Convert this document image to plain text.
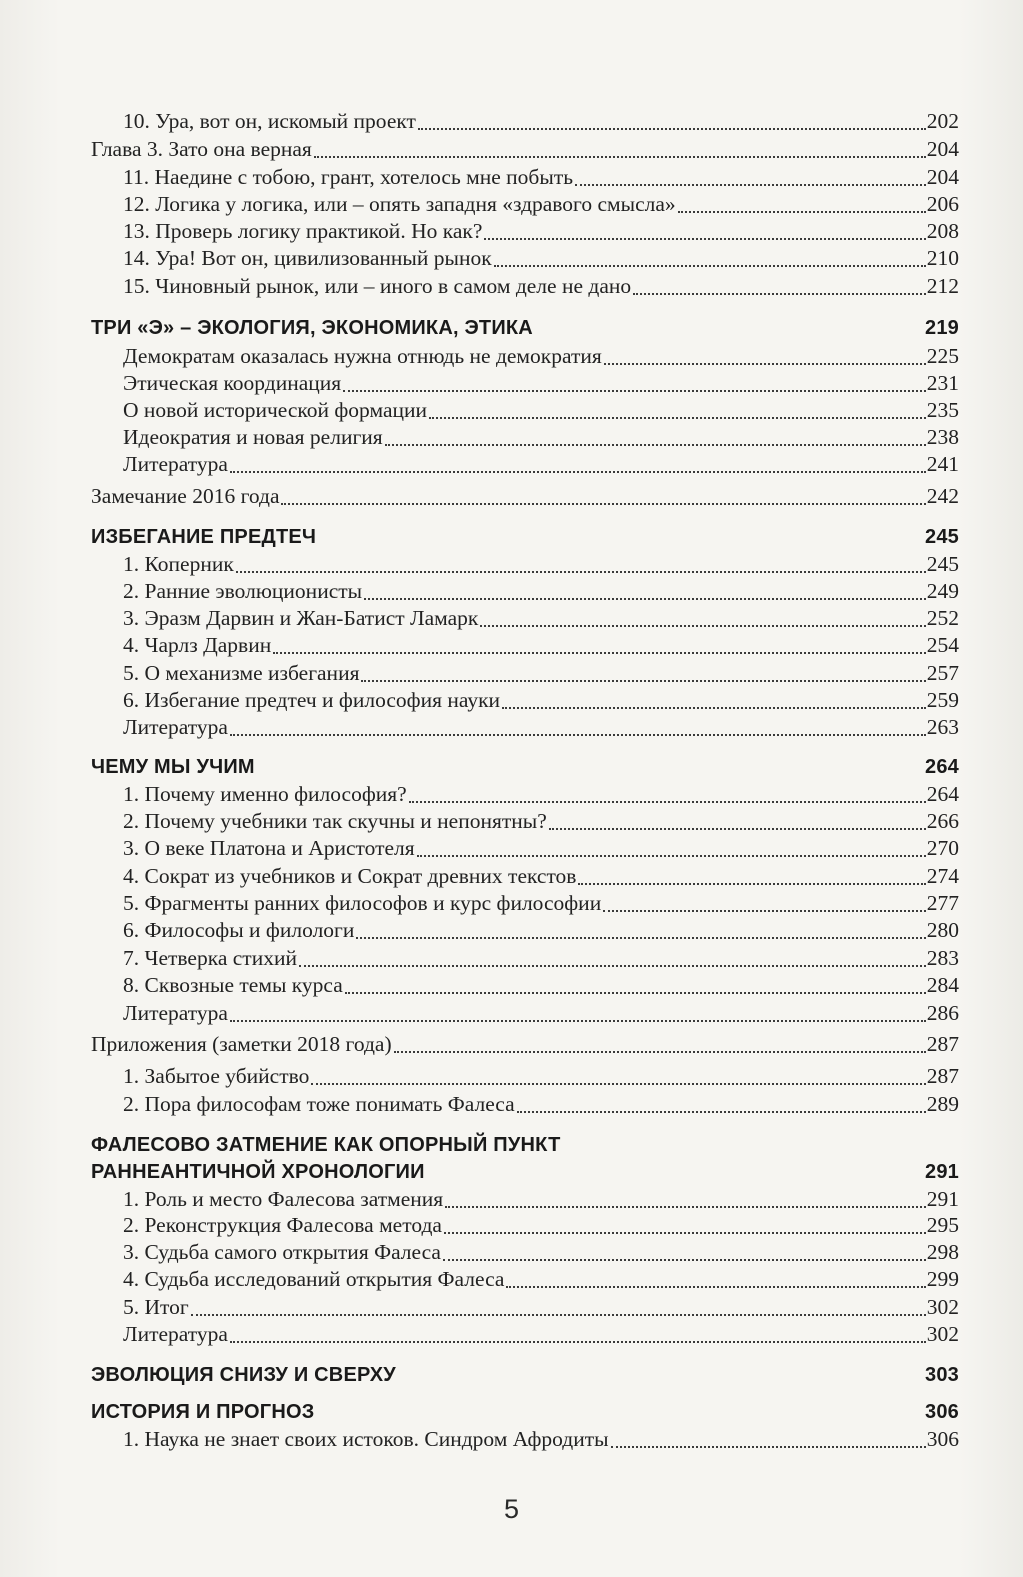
10. Ура, вот он, искомый проект	202
Глава 3. Зато она верная	204
11. Наедине с тобою, грант, хотелось мне побыть	204
12. Логика у логика, или – опять западня «здравого смысла»	206
13. Проверь логику практикой. Но как?	208
14. Ура! Вот он, цивилизованный рынок	210
15. Чиновный рынок, или – иного в самом деле не дано	212
ТРИ «Э» – ЭКОЛОГИЯ, ЭКОНОМИКА, ЭТИКА	219
Демократам оказалась нужна отнюдь не демократия	225
Этическая координация	231
О новой исторической формации	235
Идеократия и новая религия	238
Литература	241
Замечание 2016 года	242
ИЗБЕГАНИЕ ПРЕДТЕЧ	245
1. Коперник	245
2. Ранние эволюционисты	249
3. Эразм Дарвин и Жан-Батист Ламарк	252
4. Чарлз Дарвин	254
5. О механизме избегания	257
6. Избегание предтеч и философия науки	259
Литература	263
ЧЕМУ МЫ УЧИМ	264
1. Почему именно философия?	264
2. Почему учебники так скучны и непонятны?	266
3. О веке Платона и Аристотеля	270
4. Сократ из учебников и Сократ древних текстов	274
5. Фрагменты ранних философов и курс философии	277
6. Философы и филологи	280
7. Четверка стихий	283
8. Сквозные темы курса	284
Литература	286
Приложения (заметки 2018 года)	287
1. Забытое убийство	287
2. Пора философам тоже понимать Фалеса	289
ФАЛЕСОВО ЗАТМЕНИЕ КАК ОПОРНЫЙ ПУНКТ
РАННЕАНТИЧНОЙ ХРОНОЛОГИИ	291
1. Роль и место Фалесова затмения	291
2. Реконструкция Фалесова метода	295
3. Судьба самого открытия Фалеса	298
4. Судьба исследований открытия Фалеса	299
5. Итог	302
Литература	302
ЭВОЛЮЦИЯ СНИЗУ И СВЕРХУ	303
ИСТОРИЯ И ПРОГНОЗ	306
1. Наука не знает своих истоков. Синдром Афродиты	306
5
